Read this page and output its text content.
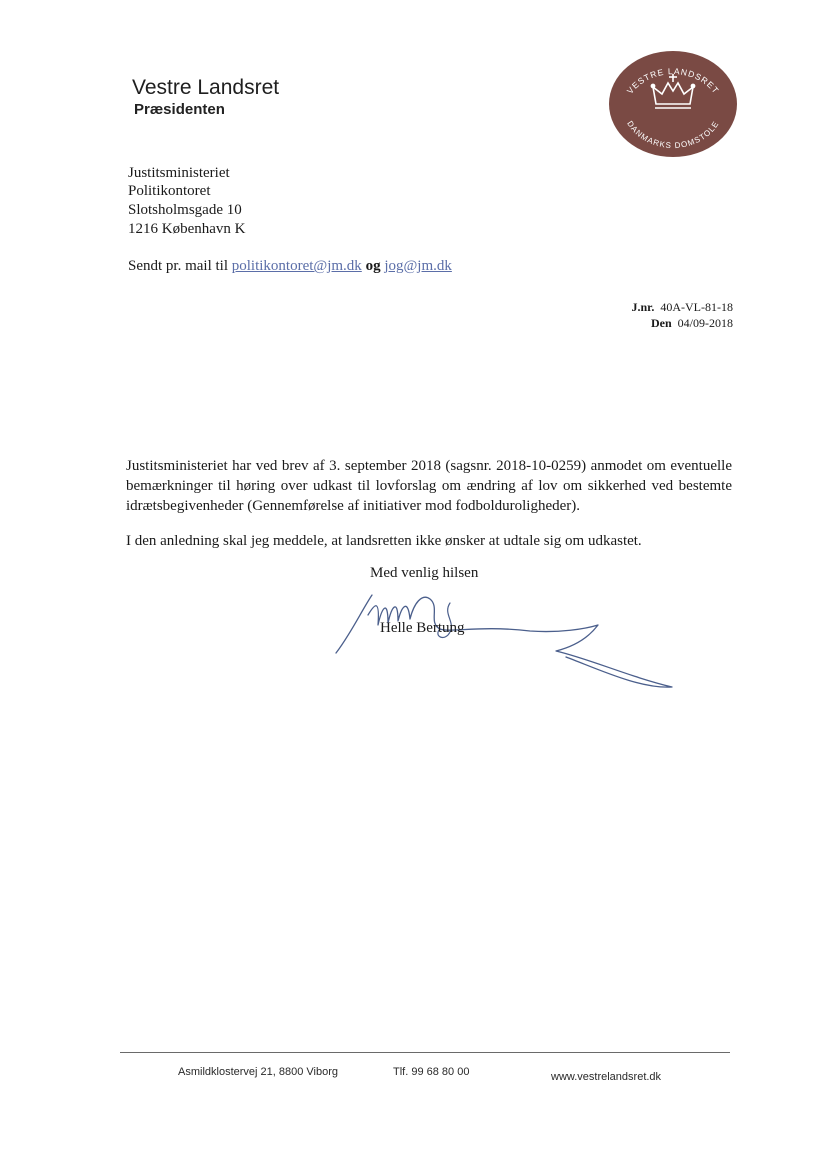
Vestre Landsret
Præsidenten
VESTRE LANDSRET
DANMARKS DOMSTOLE
Justitsministeriet
Politikontoret
Slotsholmsgade 10
1216 København K
Sendt pr. mail til politikontoret@jm.dk og jog@jm.dk
J.nr. 40A-VL-81-18
Den 04/09-2018
Justitsministeriet har ved brev af 3. september 2018 (sagsnr. 2018-10-0259) anmodet om eventuelle bemærkninger til høring over udkast til lovforslag om ændring af lov om sikkerhed ved bestemte idrætsbegivenheder (Gennemførelse af initiativer mod fodbolduroligheder).
I den anledning skal jeg meddele, at landsretten ikke ønsker at udtale sig om udkastet.
Med venlig hilsen
Helle Bertung
Asmildklostervej 21, 8800 Viborg	Tlf. 99 68 80 00	www.vestrelandsret.dk
